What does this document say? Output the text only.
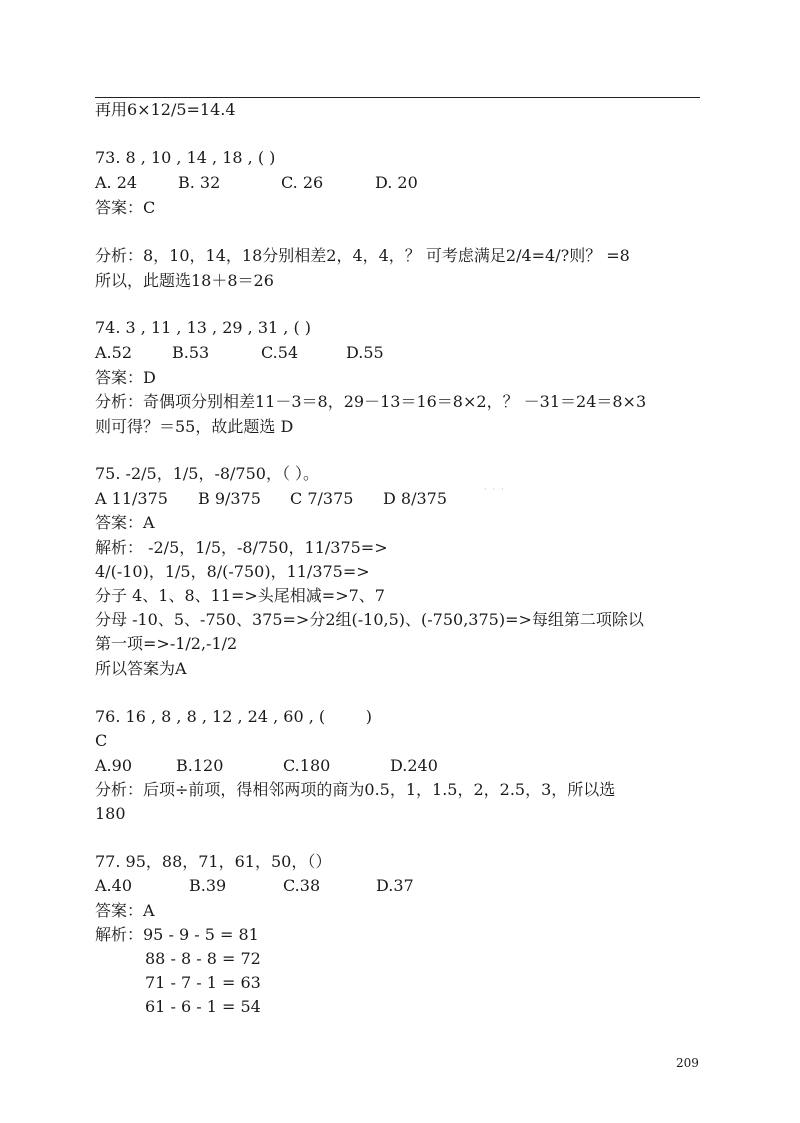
再用6×12/5=14.4
73. 8 , 10 , 14 , 18 , ( )

A. 24

	B. 32

	C. 26

	D. 20

答案：C
分析：8，10，14，18分别相差2，4，4，？ 可考虑满足2/4=4/?则？ =8
所以，此题选18＋8＝26
74. 3 , 11 , 13 , 29 , 31 , ( )

A.52

	B.53

	C.54

	D.55

答案：D
分析：奇偶项分别相差11－3＝8，29－13＝16＝8×2，？ －31＝24＝8×3
则可得？＝55，故此题选 D
75. -2/5，1/5，-8/750，（ ）。
···

A 11/375

B 9/375

C 7/375

D 8/375

答案：A
解析： -2/5，1/5，-8/750，11/375=>
4/(-10)，1/5，8/(-750)，11/375=>
分子 4、1、8、11=>头尾相减=>7、7
分母 -10、5、-750、375=>分2组(-10,5)、(-750,375)=>每组第二项除以
第一项=>-1/2,-1/2
所以答案为A
76. 16 , 8 , 8 , 12 , 24 , 60 , (        )
C

A.90

	B.120

	C.180

	D.240

分析：后项÷前项，得相邻两项的商为0.5，1，1.5，2，2.5，3，所以选
180
77. 95，88，71，61，50，（）

A.40

	B.39

	C.38

	D.37

答案：A
解析：95 - 9 - 5 = 81
88 - 8 - 8 = 72
71 - 7 - 1 = 63
61 - 6 - 1 = 54
209
